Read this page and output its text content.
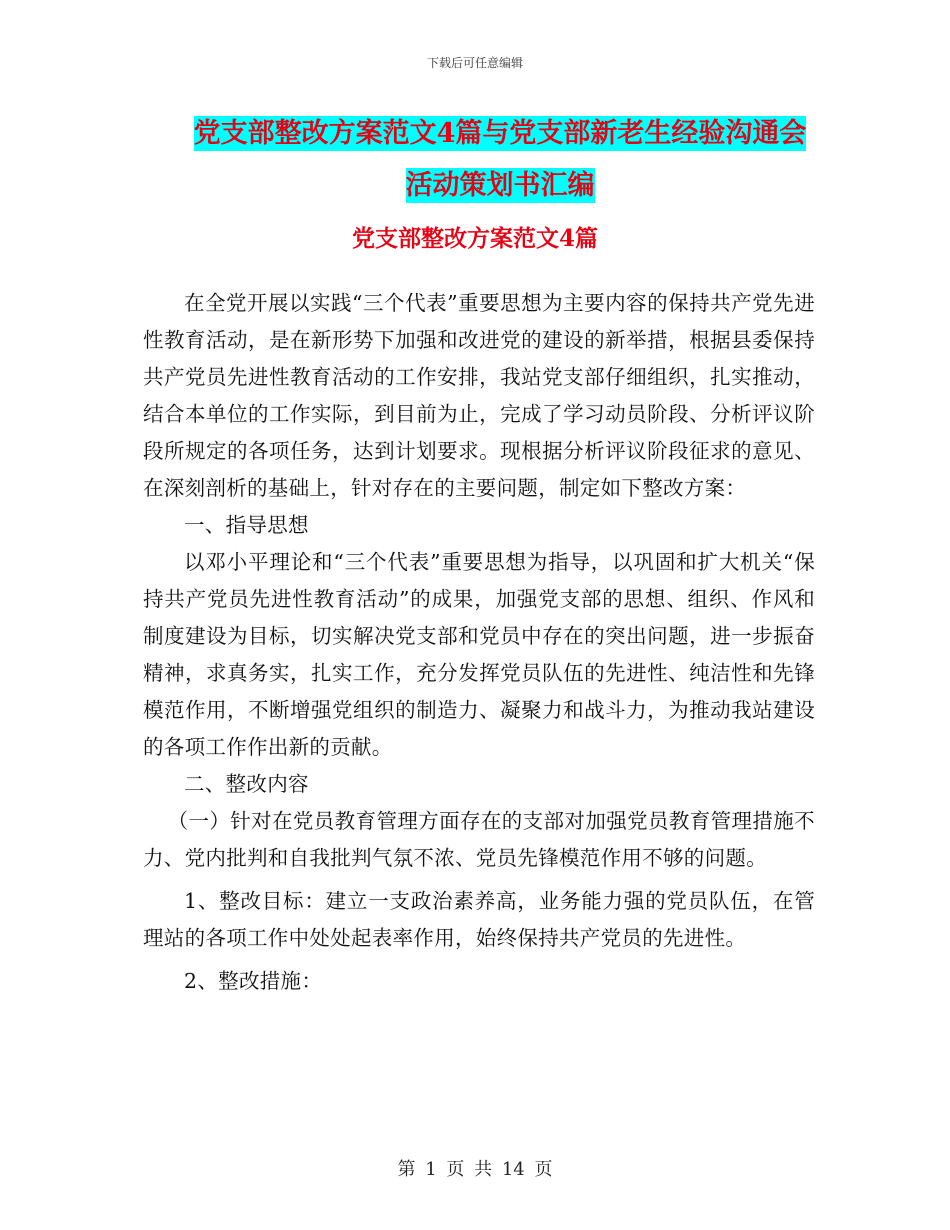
下载后可任意编辑
党支部整改方案范文4篇与党支部新老生经验沟通会
活动策划书汇编
党支部整改方案范文4篇

在全党开展以实践“三个代表”重要思想为主要内容的保持共产党先进性教育活动，是在新形势下加强和改进党的建设的新举措，根据县委保持共产党员先进性教育活动的工作安排，我站党支部仔细组织，扎实推动，结合本单位的工作实际，到目前为止，完成了学习动员阶段、分析评议阶段所规定的各项任务，达到计划要求。现根据分析评议阶段征求的意见、在深刻剖析的基础上，针对存在的主要问题，制定如下整改方案：

一、指导思想

以邓小平理论和“三个代表”重要思想为指导，以巩固和扩大机关“保持共产党员先进性教育活动”的成果，加强党支部的思想、组织、作风和制度建设为目标，切实解决党支部和党员中存在的突出问题，进一步振奋精神，求真务实，扎实工作，充分发挥党员队伍的先进性、纯洁性和先锋模范作用，不断增强党组织的制造力、凝聚力和战斗力，为推动我站建设的各项工作作出新的贡献。

二、整改内容

（一）针对在党员教育管理方面存在的支部对加强党员教育管理措施不力、党内批判和自我批判气氛不浓、党员先锋模范作用不够的问题。

1、整改目标：建立一支政治素养高，业务能力强的党员队伍，在管理站的各项工作中处处起表率作用，始终保持共产党员的先进性。

2、整改措施：

第 1 页 共 14 页
